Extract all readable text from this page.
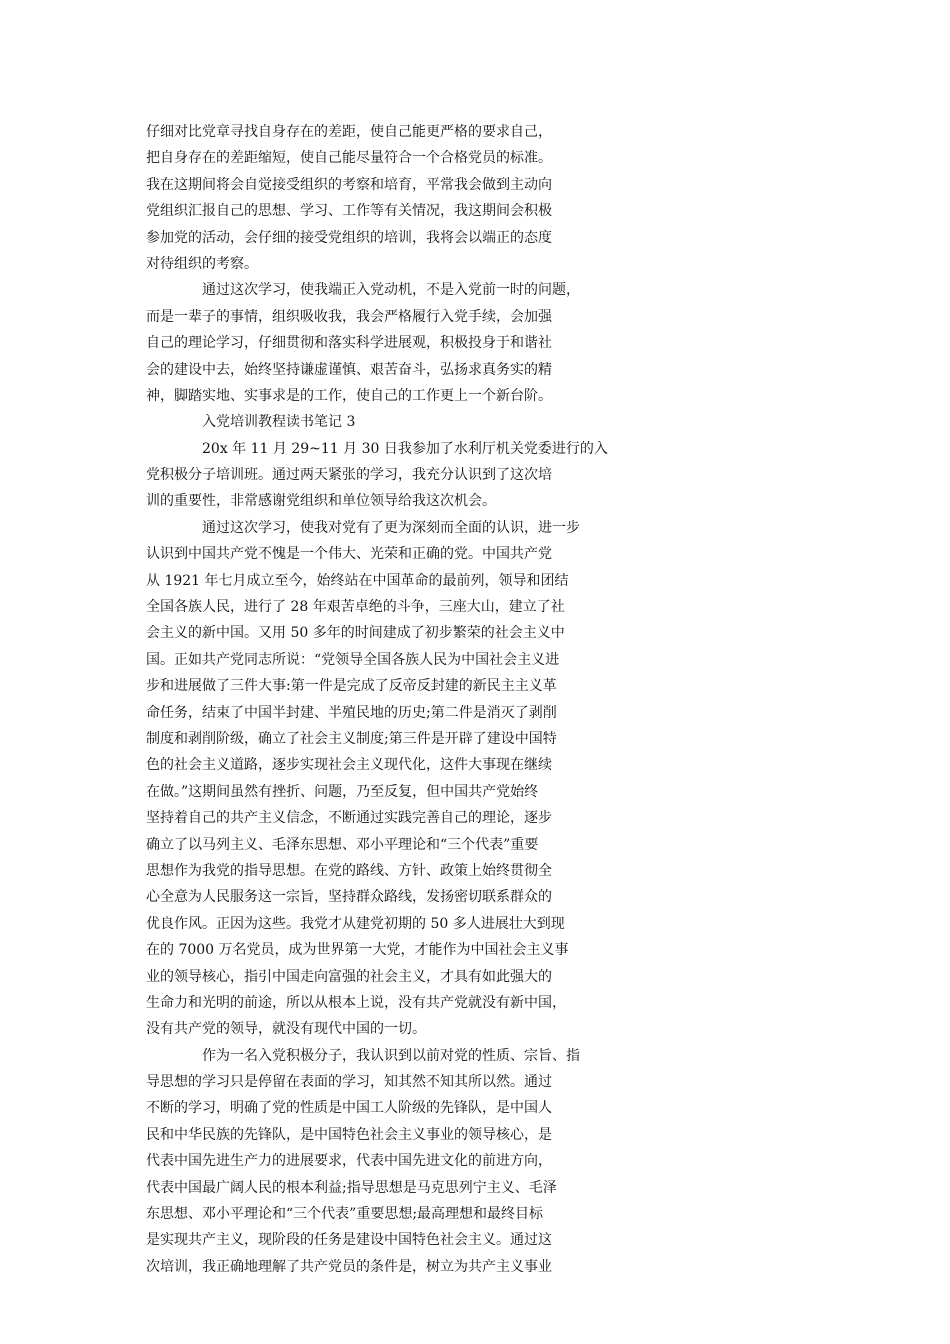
仔细对比党章寻找自身存在的差距，使自己能更严格的要求自己，
把自身存在的差距缩短，使自己能尽量符合一个合格党员的标准。
我在这期间将会自觉接受组织的考察和培育，平常我会做到主动向
党组织汇报自己的思想、学习、工作等有关情况，我这期间会积极
参加党的活动，会仔细的接受党组织的培训，我将会以端正的态度
对待组织的考察。
通过这次学习，使我端正入党动机，不是入党前一时的问题，
而是一辈子的事情，组织吸收我，我会严格履行入党手续，会加强
自己的理论学习，仔细贯彻和落实科学进展观，积极投身于和谐社
会的建设中去，始终坚持谦虚谨慎、艰苦奋斗，弘扬求真务实的精
神，脚踏实地、实事求是的工作，使自己的工作更上一个新台阶。
入党培训教程读书笔记 3
20x 年 11 月 29~11 月 30 日我参加了水利厅机关党委进行的入
党积极分子培训班。通过两天紧张的学习，我充分认识到了这次培
训的重要性，非常感谢党组织和单位领导给我这次机会。
通过这次学习，使我对党有了更为深刻而全面的认识，进一步
认识到中国共产党不愧是一个伟大、光荣和正确的党。中国共产党
从 1921 年七月成立至今，始终站在中国革命的最前列，领导和团结
全国各族人民，进行了 28 年艰苦卓绝的斗争，三座大山，建立了社
会主义的新中国。又用 50 多年的时间建成了初步繁荣的社会主义中
国。正如共产党同志所说：“党领导全国各族人民为中国社会主义进
步和进展做了三件大事:第一件是完成了反帝反封建的新民主主义革
命任务，结束了中国半封建、半殖民地的历史;第二件是消灭了剥削
制度和剥削阶级，确立了社会主义制度;第三件是开辟了建设中国特
色的社会主义道路，逐步实现社会主义现代化，这件大事现在继续
在做。”这期间虽然有挫折、问题，乃至反复，但中国共产党始终
坚持着自己的共产主义信念，不断通过实践完善自己的理论，逐步
确立了以马列主义、毛泽东思想、邓小平理论和“三个代表”重要
思想作为我党的指导思想。在党的路线、方针、政策上始终贯彻全
心全意为人民服务这一宗旨，坚持群众路线，发扬密切联系群众的
优良作风。正因为这些。我党才从建党初期的 50 多人进展壮大到现
在的 7000 万名党员，成为世界第一大党，才能作为中国社会主义事
业的领导核心，指引中国走向富强的社会主义，才具有如此强大的
生命力和光明的前途，所以从根本上说，没有共产党就没有新中国，
没有共产党的领导，就没有现代中国的一切。
作为一名入党积极分子，我认识到以前对党的性质、宗旨、指
导思想的学习只是停留在表面的学习，知其然不知其所以然。通过
不断的学习，明确了党的性质是中国工人阶级的先锋队，是中国人
民和中华民族的先锋队，是中国特色社会主义事业的领导核心，是
代表中国先进生产力的进展要求，代表中国先进文化的前进方向，
代表中国最广阔人民的根本利益;指导思想是马克思列宁主义、毛泽
东思想、邓小平理论和“三个代表”重要思想;最高理想和最终目标
是实现共产主义，现阶段的任务是建设中国特色社会主义。通过这
次培训，我正确地理解了共产党员的条件是，树立为共产主义事业
